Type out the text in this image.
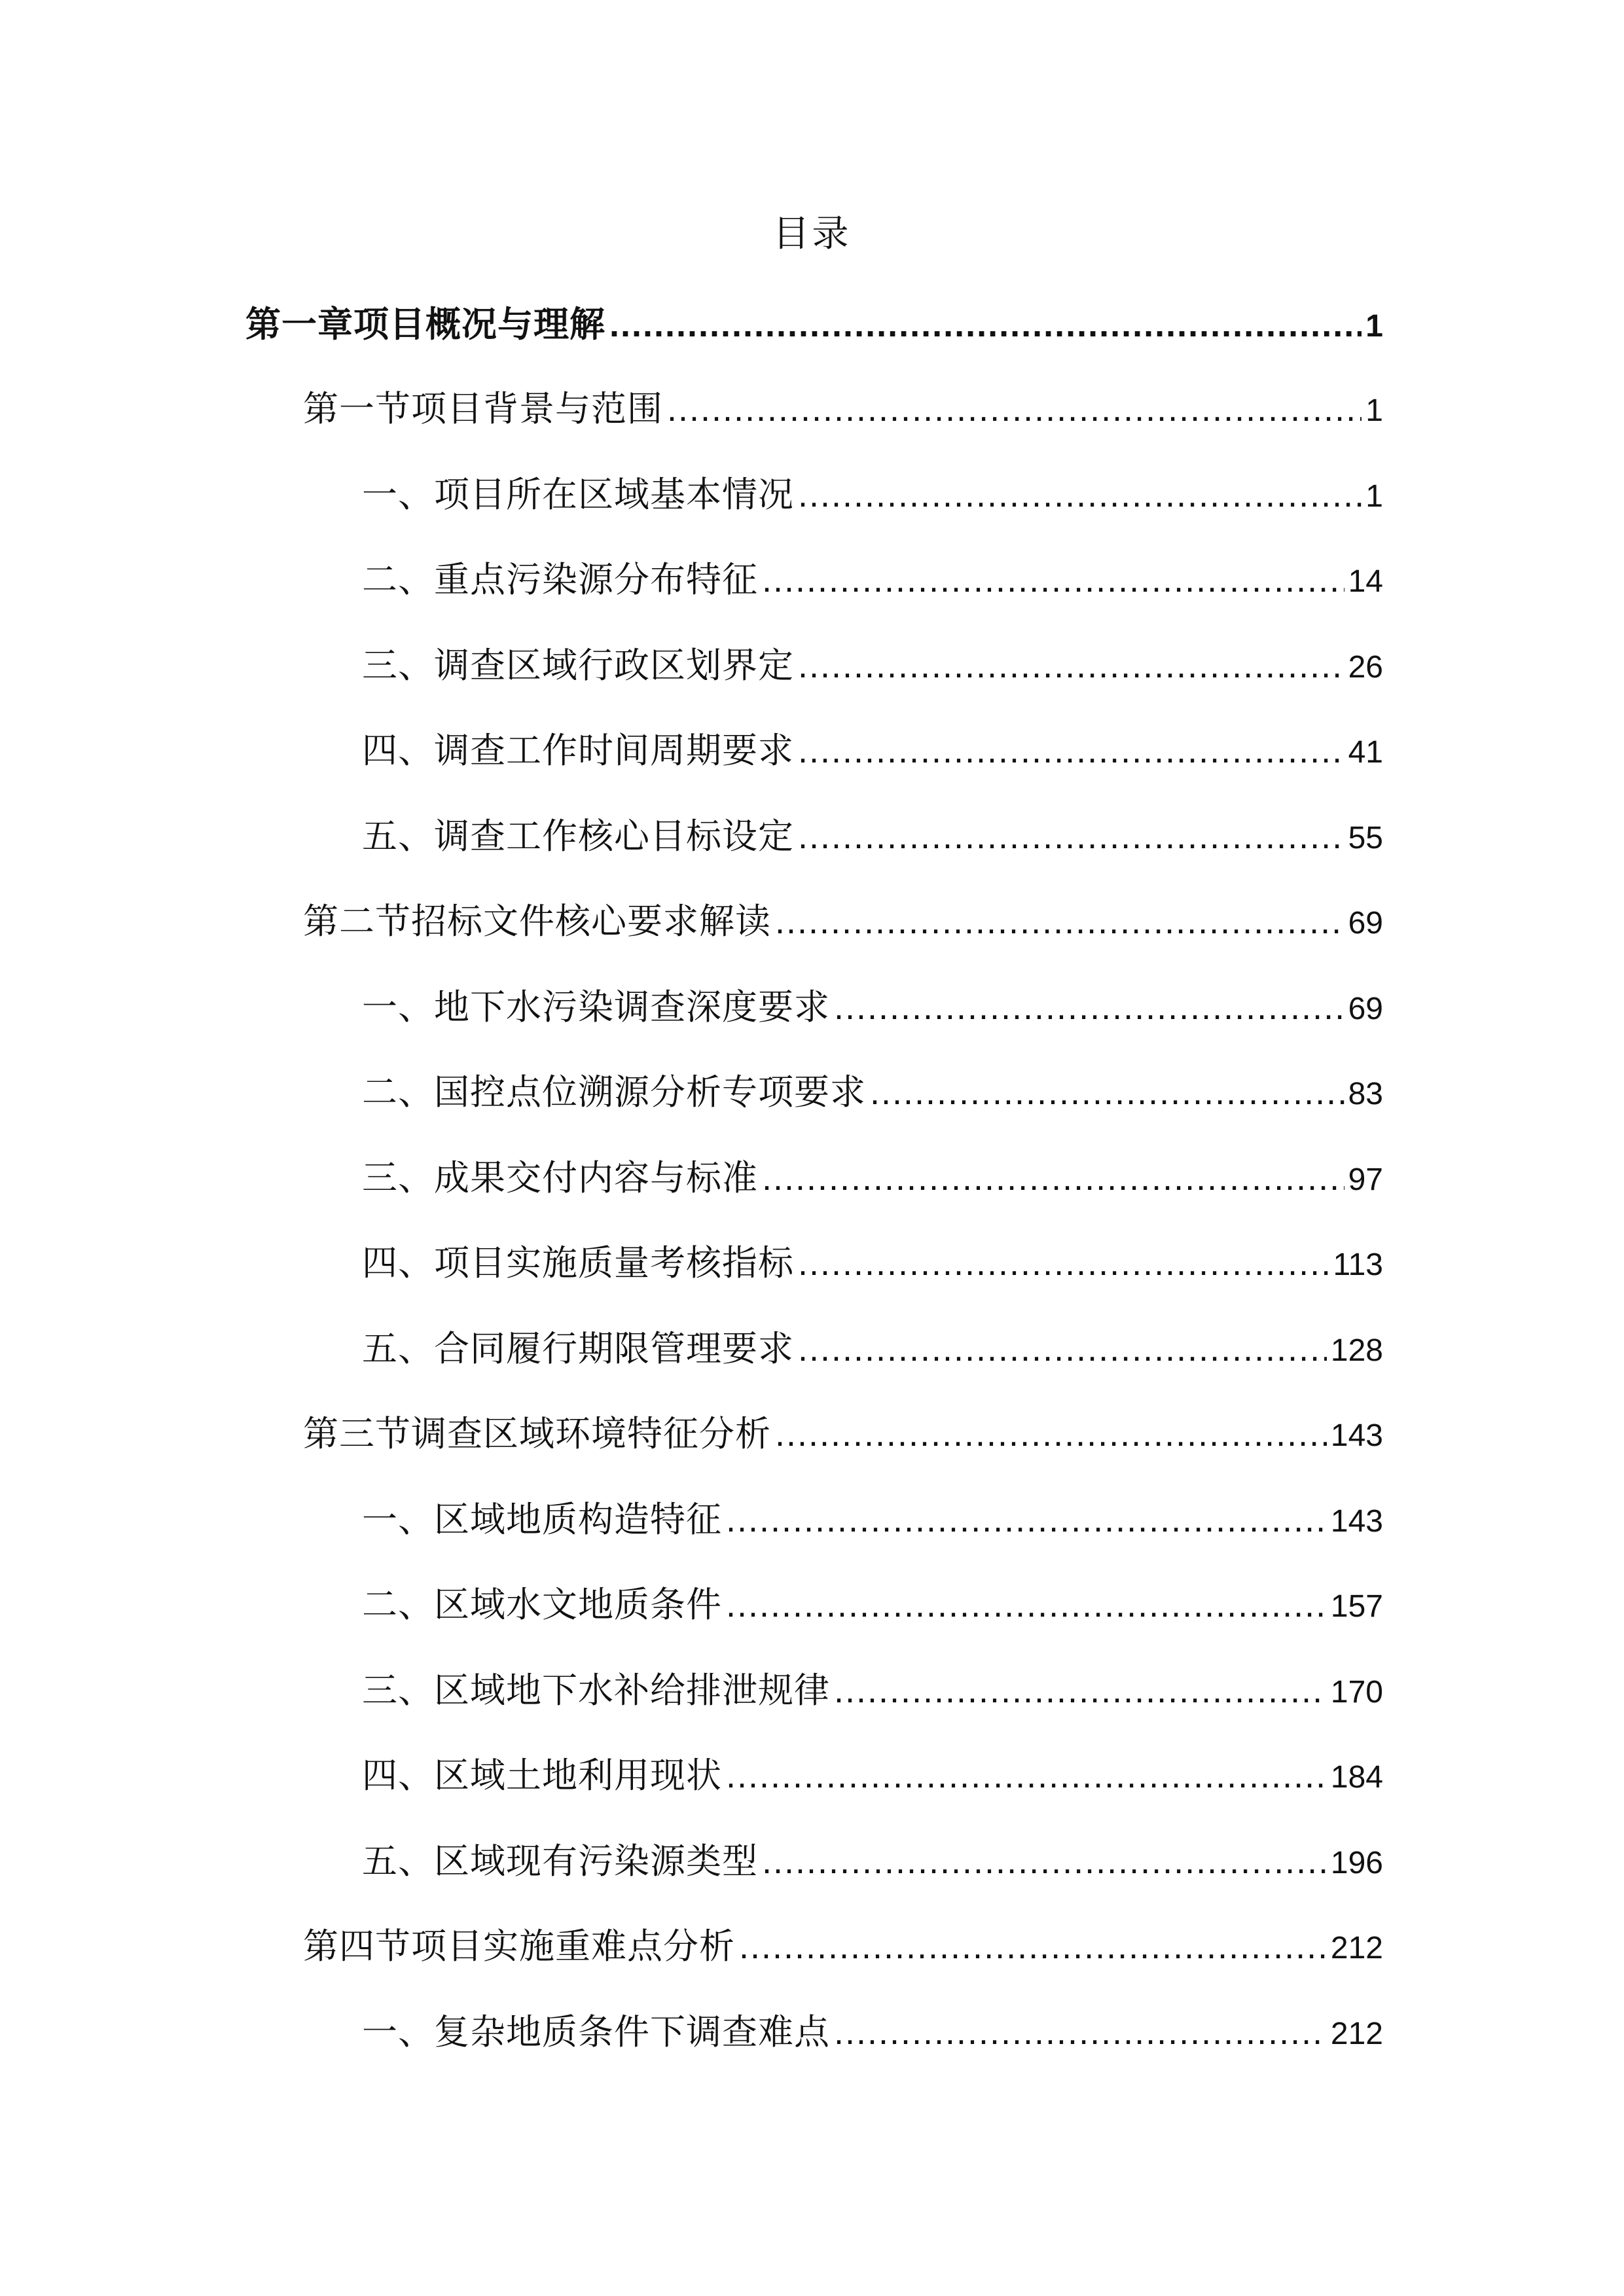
目录
第一章项目概况与理解 .....	1
第一节项目背景与范围 .....	1
一、项目所在区域基本情况 .....	1
二、重点污染源分布特征 .....	14
三、调查区域行政区划界定 .....	26
四、调查工作时间周期要求 .....	41
五、调查工作核心目标设定 .....	55
第二节招标文件核心要求解读 .....	69
一、地下水污染调查深度要求 .....	69
二、国控点位溯源分析专项要求 .....	83
三、成果交付内容与标准 .....	97
四、项目实施质量考核指标 .....	113
五、合同履行期限管理要求 .....	128
第三节调查区域环境特征分析 .....	143
一、区域地质构造特征 .....	143
二、区域水文地质条件 .....	157
三、区域地下水补给排泄规律 .....	170
四、区域土地利用现状 .....	184
五、区域现有污染源类型 .....	196
第四节项目实施重难点分析 .....	212
一、复杂地质条件下调查难点 .....	212
